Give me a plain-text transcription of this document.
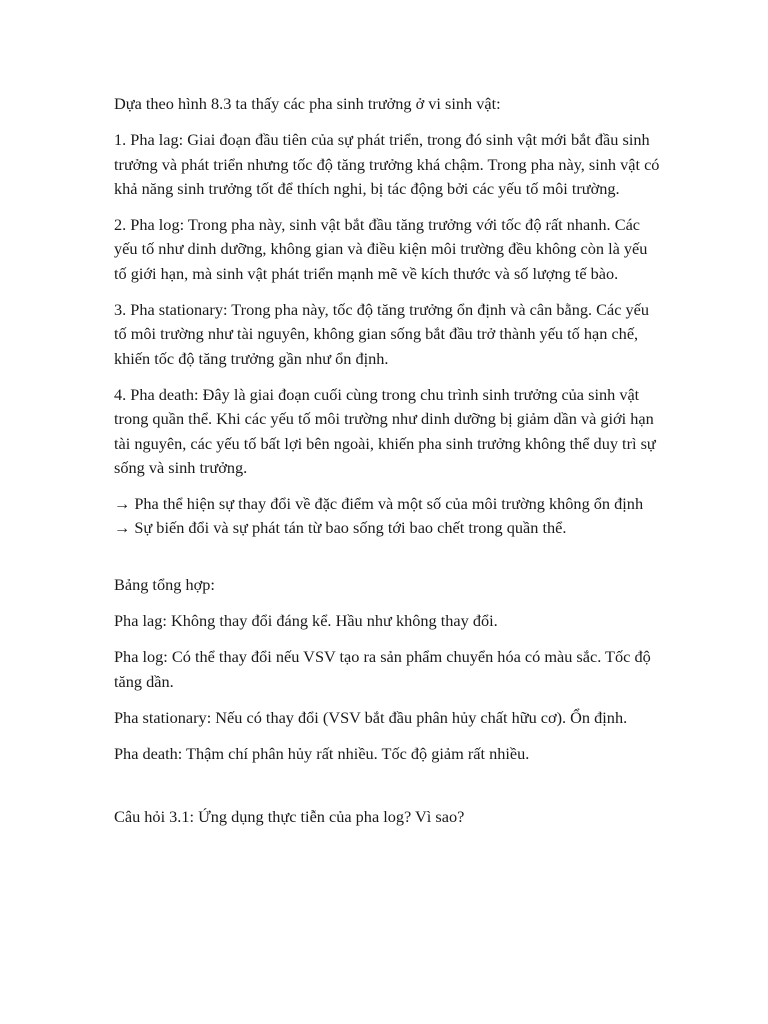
Dựa theo hình 8.3 ta thấy các pha sinh trưởng ở vi sinh vật:

1. Pha lag: Giai đoạn đầu tiên của sự phát triển, trong đó sinh vật mới bắt đầu sinh trưởng và phát triển nhưng tốc độ tăng trưởng khá chậm. Trong pha này, sinh vật có khả năng sinh trưởng tốt để thích nghi, bị tác động bởi các yếu tố môi trường.

2. Pha log: Trong pha này, sinh vật bắt đầu tăng trưởng với tốc độ rất nhanh. Các yếu tố như dinh dưỡng, không gian và điều kiện môi trường đều không còn là yếu tố giới hạn, mà sinh vật phát triển mạnh mẽ về kích thước và số lượng tế bào.

3. Pha stationary: Trong pha này, tốc độ tăng trưởng ổn định và cân bằng. Các yếu tố môi trường như tài nguyên, không gian sống bắt đầu trở thành yếu tố hạn chế, khiến tốc độ tăng trưởng gần như ổn định.

4. Pha death: Đây là giai đoạn cuối cùng trong chu trình sinh trưởng của sinh vật trong quần thể. Khi các yếu tố môi trường như dinh dưỡng bị giảm dần và giới hạn tài nguyên, các yếu tố bất lợi bên ngoài, khiến pha sinh trưởng không thể duy trì sự sống và sinh trưởng.

→ Pha thể hiện sự thay đổi về đặc điểm và một số của môi trường không ổn định → Sự biến đổi và sự phát tán từ bao sống tới bao chết trong quần thể.

Bảng tổng hợp:

Pha lag: Không thay đổi đáng kể. Hầu như không thay đổi.

Pha log: Có thể thay đổi nếu VSV tạo ra sản phẩm chuyển hóa có màu sắc. Tốc độ tăng dần.

Pha stationary: Nếu có thay đổi (VSV bắt đầu phân hủy chất hữu cơ). Ổn định.

Pha death: Thậm chí phân hủy rất nhiều. Tốc độ giảm rất nhiều.

Câu hỏi 3.1: Ứng dụng thực tiễn của pha log? Vì sao?
